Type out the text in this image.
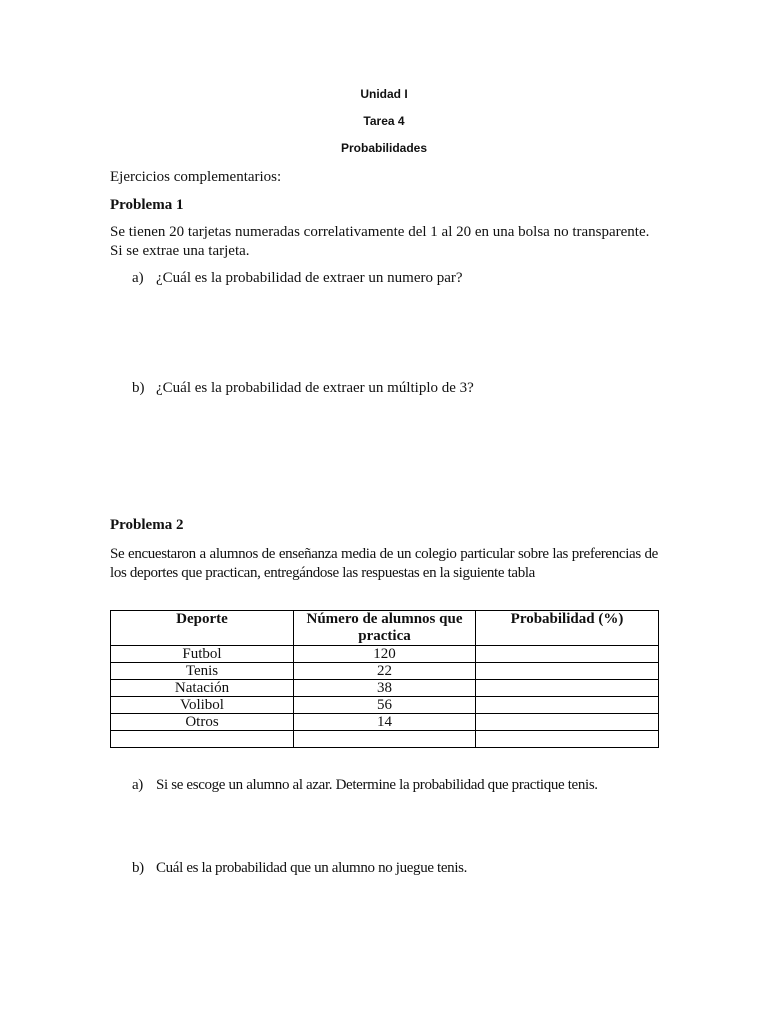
Unidad I
Tarea 4
Probabilidades
Ejercicios complementarios:
Problema 1
Se tienen 20 tarjetas numeradas correlativamente del 1 al 20 en una bolsa no transparente. Si se extrae una tarjeta.
a) ¿Cuál es la probabilidad de extraer un numero par?
b) ¿Cuál es la probabilidad de extraer un múltiplo de 3?
Problema 2
Se encuestaron a alumnos de enseñanza media de un colegio particular sobre las preferencias de los deportes que practican, entregándose las respuestas en la siguiente tabla
Deporte	Número de alumnos que practica	Probabilidad (%)
Futbol	120	
Tenis	22	
Natación	38	
Volibol	56	
Otros	14	

a) Si se escoge un alumno al azar. Determine la probabilidad que practique tenis.
b) Cuál es la probabilidad que un alumno no juegue tenis.
